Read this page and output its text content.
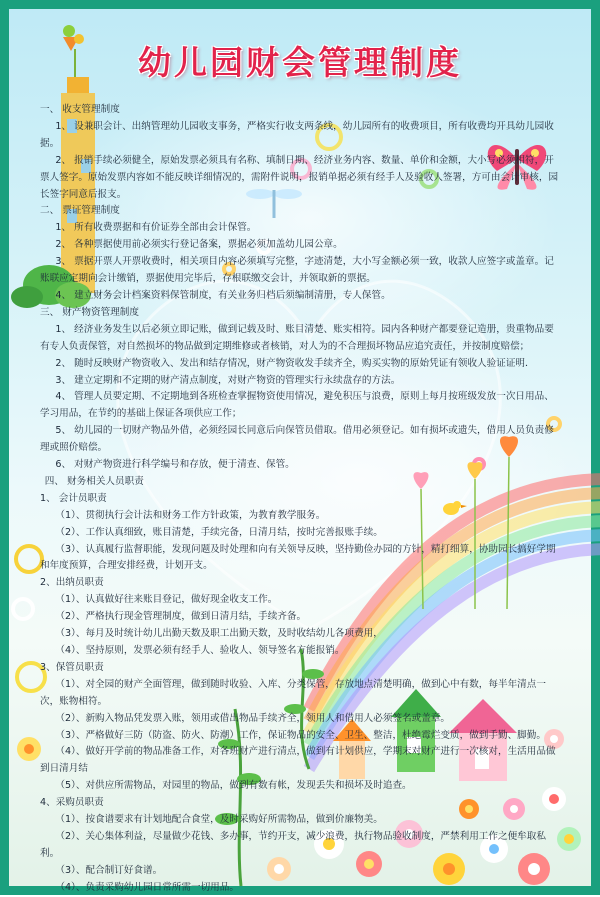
幼儿园财会管理制度

一、 收支管理制度

1、 设兼职会计、出纳管理幼儿园收支事务，严格实行收支两条线，幼儿园所有的收费项目，所有收费均开具幼儿园收据。

2、 报销手续必须健全，原始发票必须具有名称、填制日期、经济业务内容、数量、单价和金额，大小写必须相符，开票人签字。原始发票内容如不能反映详细情况的，需附件说明，报销单据必须有经手人及验收人签署，方可由会计审核，园长签字同意后报支。

二、 票证管理制度

1、 所有收费票据和有价证券全部由会计保管。

2、 各种票据使用前必须实行登记备案，票据必须加盖幼儿园公章。

3、 票据开票人开票收费时，相关项目内容必须填写完整，字迹清楚，大小写金额必须一致，收款人应签字或盖章。记账联应定期向会计缴销，票据使用完毕后，存根联缴交会计，并领取新的票据。

4、 建立财务会计档案资料保管制度，有关业务归档后须编制清册，专人保管。

三、 财产物资管理制度

1、 经济业务发生以后必须立即记账，做到记载及时、账目清楚、账实相符。园内各种财产都要登记造册，贵重物品要有专人负责保管，对自然损坏的物品做到定期维修或者核销，对人为的不合理损坏物品应追究责任，并按制度赔偿；

2、 随时反映财产物资收入、发出和结存情况，财产物资收发手续齐全，购买实物的原始凭证有领收人验证证明．

3、 建立定期和不定期的财产清点制度，对财产物资的管理实行永续盘存的方法。

4、 管理人员要定期、不定期地到各班检查掌握物资使用情况，避免积压与浪费，原则上每月按班级发放一次日用品、学习用品，在节约的基础上保证各项供应工作；

5、 幼儿园的一切财产物品外借，必须经园长同意后向保管员借取。借用必须登记。如有损坏或遗失，借用人员负责修理或照价赔偿。

6、 对财产物资进行科学编号和存放，便于清查、保管。

四、 财务相关人员职责

1、 会计员职责

（1）、贯彻执行会计法和财务工作方针政策，为教育教学服务。

（2）、工作认真细致，账目清楚，手续完备，日清月结，按时完善报账手续。

（3）、认真履行监督职能，发现问题及时处理和向有关领导反映，坚持勤俭办园的方针，精打细算，协助园长搞好学期和年度预算，合理安排经费，计划开支。

2、出纳员职责

（1）、认真做好往来账目登记，做好现金收支工作。

（2）、严格执行现金管理制度，做到日清月结，手续齐备。

（3）、每月及时统计幼儿出勤天数及职工出勤天数，及时收结幼儿各项费用，

（4）、坚持原则，发票必须有经手人、验收人、领导签名方能报销。

3、保管员职责

（1）、对全园的财产全面管理，做到随时收验、入库、分类保管，存放地点清楚明确，做到心中有数，每半年清点一次，账物相符。

（2）、新购入物品凭发票入账，领用或借出物品手续齐全，领用人和借用人必须签名或盖章。

（3）、严格做好三防（防盗、防火、防潮）工作，保证物品的安全、卫生、整洁，杜绝霉烂变质，做到手勤、脚勤。

（4）、做好开学前的物品准备工作，对各班财产进行清点，做到有计划供应，学期末对财产进行一次核对，生活用品做到日清月结

（5）、对供应所需物品，对园里的物品，做到有数有帐，发现丢失和损坏及时追查。

4、采购员职责

（1）、按食谱要求有计划地配合食堂，及时采购好所需物品，做到价廉物美。

（2）、关心集体利益，尽量做少花钱、多办事，节约开支，减少浪费，执行物品验收制度，严禁利用工作之便牟取私利。

（3）、配合制订好食谱。

（4）、负责采购幼儿园日常所需一切用品。
